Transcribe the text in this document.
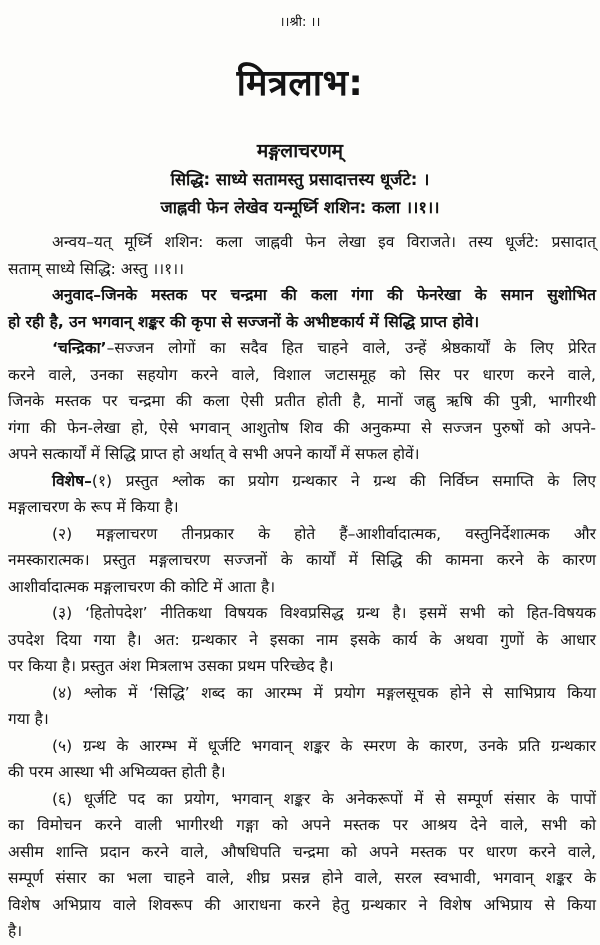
।।श्री: ।।
मित्रलाभ:
मङ्गलाचरणम्
सिद्धि: साध्ये सतामस्तु प्रसादात्तस्य धूर्जटे: ।
जाह्नवी फेन लेखेव यन्मूर्ध्नि शशिन: कला ।।१।।
अन्वय–यत् मूर्ध्नि शशिन: कला जाह्नवी फेन लेखा इव विराजते। तस्य धूर्जटे: प्रसादात्
सताम् साध्ये सिद्धि: अस्तु ।।१।।
अनुवाद–जिनके मस्तक पर चन्द्रमा की कला गंगा की फेनरेखा के समान सुशोभित
हो रही है, उन भगवान् शङ्कर की कृपा से सज्जनों के अभीष्टकार्य में सिद्धि प्राप्त होवे।
‘चन्द्रिका’–सज्जन लोगों का सदैव हित चाहने वाले, उन्हें श्रेष्ठकार्यों के लिए प्रेरित
करने वाले, उनका सहयोग करने वाले, विशाल जटासमूह को सिर पर धारण करने वाले,
जिनके मस्तक पर चन्द्रमा की कला ऐसी प्रतीत होती है, मानों जह्नु ऋषि की पुत्री, भागीरथी
गंगा की फेन-लेखा हो, ऐसे भगवान् आशुतोष शिव की अनुकम्पा से सज्जन पुरुषों को अपने-
अपने सत्कार्यों में सिद्धि प्राप्त हो अर्थात् वे सभी अपने कार्यों में सफल होवें।
विशेष–(१) प्रस्तुत श्लोक का प्रयोग ग्रन्थकार ने ग्रन्थ की निर्विघ्न समाप्ति के लिए
मङ्गलाचरण के रूप में किया है।
(२) मङ्गलाचरण तीनप्रकार के होते हैं–आशीर्वादात्मक, वस्तुनिर्देशात्मक और
नमस्कारात्मक। प्रस्तुत मङ्गलाचरण सज्जनों के कार्यों में सिद्धि की कामना करने के कारण
आशीर्वादात्मक मङ्गलाचरण की कोटि में आता है।
(३) ‘हितोपदेश’ नीतिकथा विषयक विश्वप्रसिद्ध ग्रन्थ है। इसमें सभी को हित-विषयक
उपदेश दिया गया है। अत: ग्रन्थकार ने इसका नाम इसके कार्य के अथवा गुणों के आधार
पर किया है। प्रस्तुत अंश मित्रलाभ उसका प्रथम परिच्छेद है।
(४) श्लोक में ‘सिद्धि’ शब्द का आरम्भ में प्रयोग मङ्गलसूचक होने से साभिप्राय किया
गया है।
(५) ग्रन्थ के आरम्भ में धूर्जटि भगवान् शङ्कर के स्मरण के कारण, उनके प्रति ग्रन्थकार
की परम आस्था भी अभिव्यक्त होती है।
(६) धूर्जटि पद का प्रयोग, भगवान् शङ्कर के अनेकरूपों में से सम्पूर्ण संसार के पापों
का विमोचन करने वाली भागीरथी गङ्गा को अपने मस्तक पर आश्रय देने वाले, सभी को
असीम शान्ति प्रदान करने वाले, औषधिपति चन्द्रमा को अपने मस्तक पर धारण करने वाले,
सम्पूर्ण संसार का भला चाहने वाले, शीघ्र प्रसन्न होने वाले, सरल स्वभावी, भगवान् शङ्कर के
विशेष अभिप्राय वाले शिवरूप की आराधना करने हेतु ग्रन्थकार ने विशेष अभिप्राय से किया
है।
